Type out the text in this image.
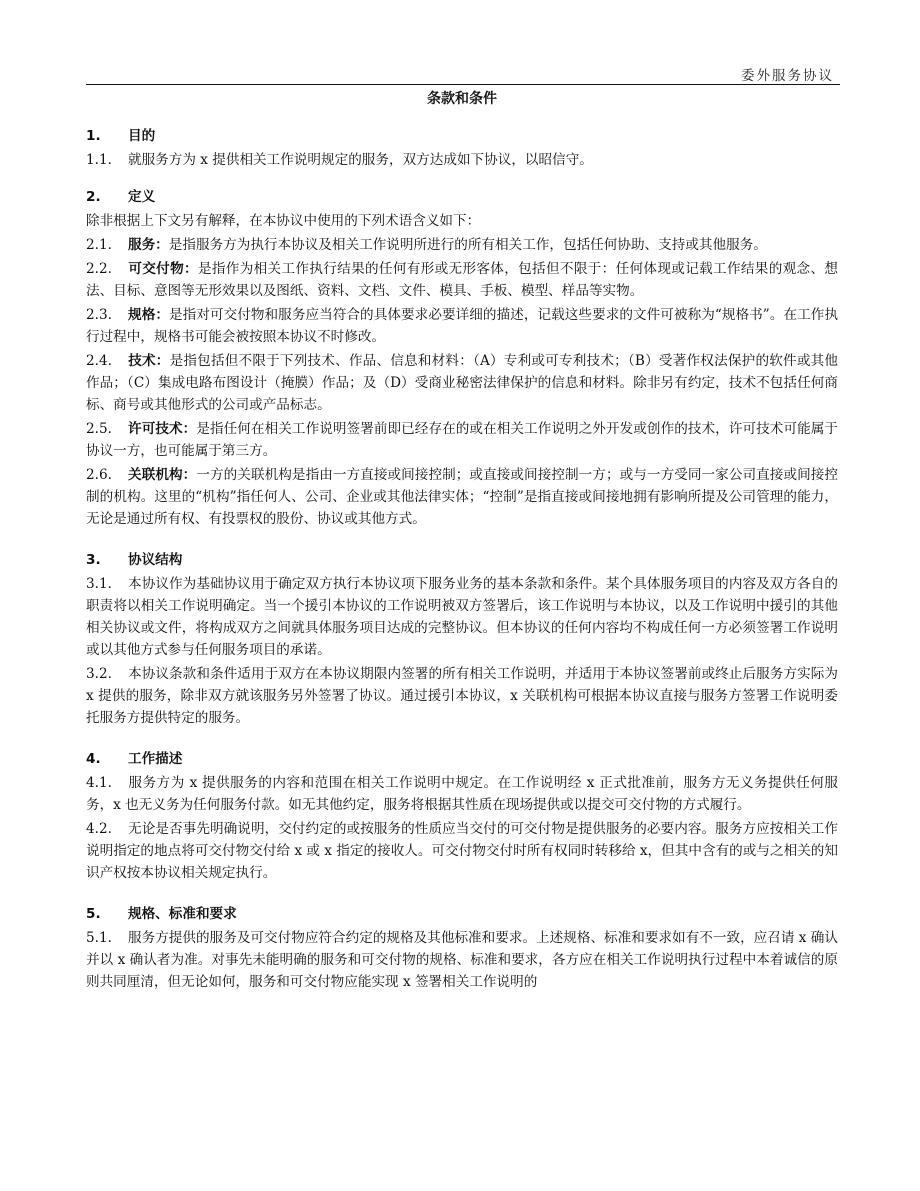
委外服务协议
条款和条件
1. 目的
1.1. 就服务方为 x 提供相关工作说明规定的服务，双方达成如下协议，以昭信守。
2. 定义
除非根据上下文另有解释，在本协议中使用的下列术语含义如下：
2.1. 服务：是指服务方为执行本协议及相关工作说明所进行的所有相关工作，包括任何协助、支持或其他服务。
2.2. 可交付物：是指作为相关工作执行结果的任何有形或无形客体，包括但不限于：任何体现或记载工作结果的观念、想法、目标、意图等无形效果以及图纸、资料、文档、文件、模具、手板、模型、样品等实物。
2.3. 规格：是指对可交付物和服务应当符合的具体要求必要详细的描述，记载这些要求的文件可被称为“规格书”。在工作执行过程中，规格书可能会被按照本协议不时修改。
2.4. 技术：是指包括但不限于下列技术、作品、信息和材料：（A）专利或可专利技术；（B）受著作权法保护的软件或其他作品；（C）集成电路布图设计（掩膜）作品；及（D）受商业秘密法律保护的信息和材料。除非另有约定，技术不包括任何商标、商号或其他形式的公司或产品标志。
2.5. 许可技术：是指任何在相关工作说明签署前即已经存在的或在相关工作说明之外开发或创作的技术，许可技术可能属于协议一方，也可能属于第三方。
2.6. 关联机构：一方的关联机构是指由一方直接或间接控制；或直接或间接控制一方；或与一方受同一家公司直接或间接控制的机构。这里的“机构”指任何人、公司、企业或其他法律实体；“控制”是指直接或间接地拥有影响所提及公司管理的能力，无论是通过所有权、有投票权的股份、协议或其他方式。
3. 协议结构
3.1. 本协议作为基础协议用于确定双方执行本协议项下服务业务的基本条款和条件。某个具体服务项目的内容及双方各自的职责将以相关工作说明确定。当一个援引本协议的工作说明被双方签署后，该工作说明与本协议，以及工作说明中援引的其他相关协议或文件，将构成双方之间就具体服务项目达成的完整协议。但本协议的任何内容均不构成任何一方必须签署工作说明或以其他方式参与任何服务项目的承诺。
3.2. 本协议条款和条件适用于双方在本协议期限内签署的所有相关工作说明，并适用于本协议签署前或终止后服务方实际为 x 提供的服务，除非双方就该服务另外签署了协议。通过援引本协议，x 关联机构可根据本协议直接与服务方签署工作说明委托服务方提供特定的服务。
4. 工作描述
4.1. 服务方为 x 提供服务的内容和范围在相关工作说明中规定。在工作说明经 x 正式批准前，服务方无义务提供任何服务，x 也无义务为任何服务付款。如无其他约定，服务将根据其性质在现场提供或以提交可交付物的方式履行。
4.2. 无论是否事先明确说明，交付约定的或按服务的性质应当交付的可交付物是提供服务的必要内容。服务方应按相关工作说明指定的地点将可交付物交付给 x 或 x 指定的接收人。可交付物交付时所有权同时转移给 x，但其中含有的或与之相关的知识产权按本协议相关规定执行。
5. 规格、标准和要求
5.1. 服务方提供的服务及可交付物应符合约定的规格及其他标准和要求。上述规格、标准和要求如有不一致，应召请 x 确认并以 x 确认者为准。对事先未能明确的服务和可交付物的规格、标准和要求，各方应在相关工作说明执行过程中本着诚信的原则共同厘清，但无论如何，服务和可交付物应能实现 x 签署相关工作说明的
